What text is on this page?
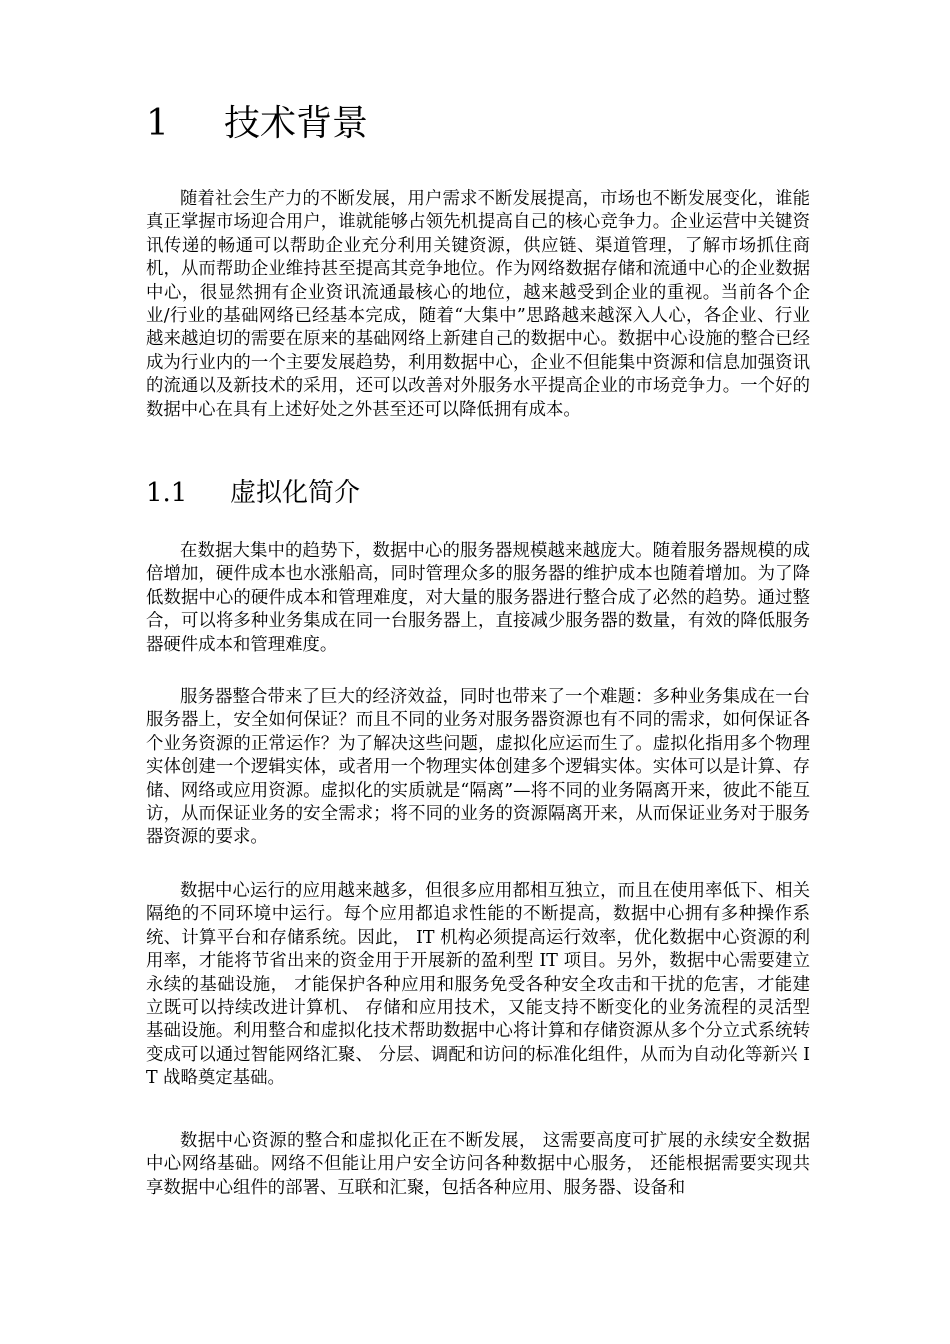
1 技术背景

随着社会生产力的不断发展，用户需求不断发展提高，市场也不断发展变化，谁能真正掌握市场迎合用户，谁就能够占领先机提高自己的核心竞争力。企业运营中关键资讯传递的畅通可以帮助企业充分利用关键资源，供应链、渠道管理，了解市场抓住商机，从而帮助企业维持甚至提高其竞争地位。作为网络数据存储和流通中心的企业数据中心，很显然拥有企业资讯流通最核心的地位，越来越受到企业的重视。当前各个企业/行业的基础网络已经基本完成，随着“大集中”思路越来越深入人心，各企业、行业越来越迫切的需要在原来的基础网络上新建自己的数据中心。数据中心设施的整合已经成为行业内的一个主要发展趋势，利用数据中心，企业不但能集中资源和信息加强资讯的流通以及新技术的采用，还可以改善对外服务水平提高企业的市场竞争力。一个好的数据中心在具有上述好处之外甚至还可以降低拥有成本。

1.1 虚拟化简介

在数据大集中的趋势下，数据中心的服务器规模越来越庞大。随着服务器规模的成倍增加，硬件成本也水涨船高，同时管理众多的服务器的维护成本也随着增加。为了降低数据中心的硬件成本和管理难度，对大量的服务器进行整合成了必然的趋势。通过整合，可以将多种业务集成在同一台服务器上，直接减少服务器的数量，有效的降低服务器硬件成本和管理难度。

服务器整合带来了巨大的经济效益，同时也带来了一个难题：多种业务集成在一台服务器上，安全如何保证？而且不同的业务对服务器资源也有不同的需求，如何保证各个业务资源的正常运作？为了解决这些问题，虚拟化应运而生了。虚拟化指用多个物理实体创建一个逻辑实体，或者用一个物理实体创建多个逻辑实体。实体可以是计算、存储、网络或应用资源。虚拟化的实质就是“隔离”—将不同的业务隔离开来，彼此不能互访，从而保证业务的安全需求；将不同的业务的资源隔离开来，从而保证业务对于服务器资源的要求。

数据中心运行的应用越来越多，但很多应用都相互独立，而且在使用率低下、相关隔绝的不同环境中运行。每个应用都追求性能的不断提高，数据中心拥有多种操作系统、计算平台和存储系统。因此， IT 机构必须提高运行效率，优化数据中心资源的利用率，才能将节省出来的资金用于开展新的盈利型 IT 项目。另外，数据中心需要建立永续的基础设施， 才能保护各种应用和服务免受各种安全攻击和干扰的危害，才能建立既可以持续改进计算机、 存储和应用技术，又能支持不断变化的业务流程的灵活型基础设施。利用整合和虚拟化技术帮助数据中心将计算和存储资源从多个分立式系统转变成可以通过智能网络汇聚、 分层、调配和访问的标准化组件，从而为自动化等新兴 IT 战略奠定基础。

数据中心资源的整合和虚拟化正在不断发展， 这需要高度可扩展的永续安全数据中心网络基础。网络不但能让用户安全访问各种数据中心服务， 还能根据需要实现共享数据中心组件的部署、互联和汇聚，包括各种应用、服务器、设备和
